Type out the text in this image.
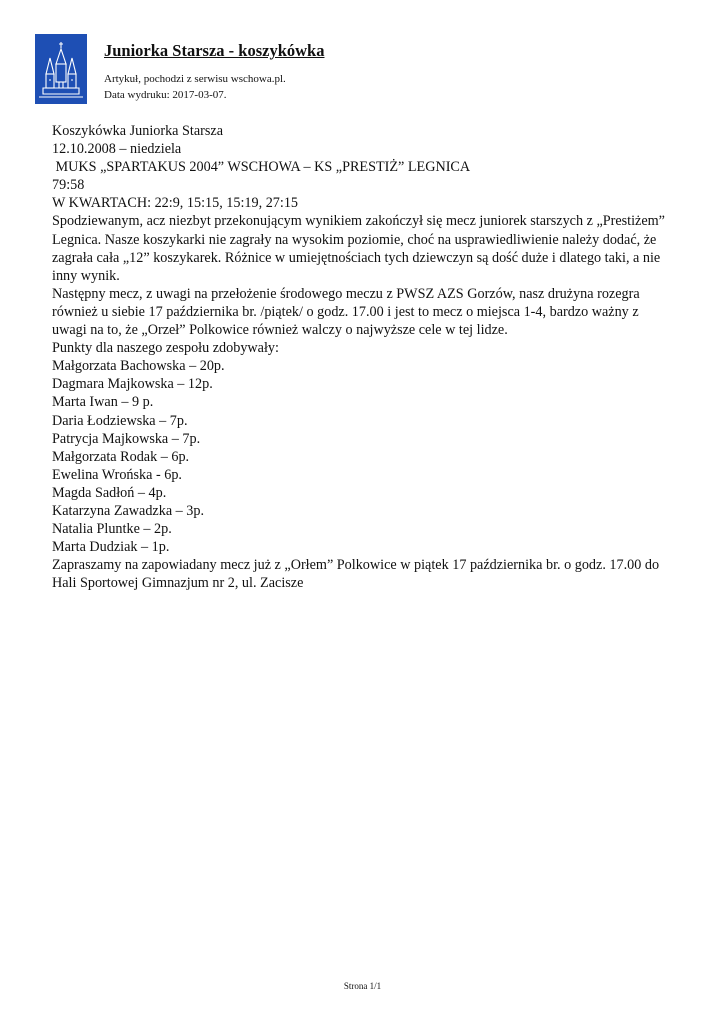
Juniorka Starsza - koszykówka
Artykuł, pochodzi z serwisu wschowa.pl.
Data wydruku: 2017-03-07.

Koszykówka Juniorka Starsza

12.10.2008 – niedziela

MUKS „SPARTAKUS 2004” WSCHOWA – KS „PRESTIŻ” LEGNICA

79:58

W KWARTACH: 22:9, 15:15, 15:19, 27:15

Spodziewanym, acz niezbyt przekonującym wynikiem zakończył się mecz juniorek starszych z „Prestiżem” Legnica. Nasze koszykarki nie zagrały na wysokim poziomie, choć na usprawiedliwienie należy dodać, że zagrała cała „12” koszykarek. Różnice w umiejętnościach tych dziewczyn są dość duże i dlatego taki, a nie inny wynik.

Następny mecz, z uwagi na przełożenie środowego meczu z PWSZ AZS Gorzów, nasz drużyna rozegra również u siebie 17 października br. /piątek/ o godz. 17.00 i jest to mecz o miejsca 1-4, bardzo ważny z uwagi na to, że „Orzeł” Polkowice również walczy o najwyższe cele w tej lidze.

Punkty dla naszego zespołu zdobywały:

Małgorzata Bachowska – 20p.

Dagmara Majkowska – 12p.

Marta Iwan – 9 p.

Daria Łodziewska – 7p.

Patrycja Majkowska – 7p.

Małgorzata Rodak – 6p.

Ewelina Wrońska - 6p.

Magda Sadłoń – 4p.

Katarzyna Zawadzka – 3p.

Natalia Pluntke – 2p.

Marta Dudziak – 1p.

Zapraszamy na zapowiadany mecz już z „Orłem” Polkowice w piątek 17 października br. o godz. 17.00 do Hali Sportowej Gimnazjum nr 2, ul. Zacisze

Strona 1/1
